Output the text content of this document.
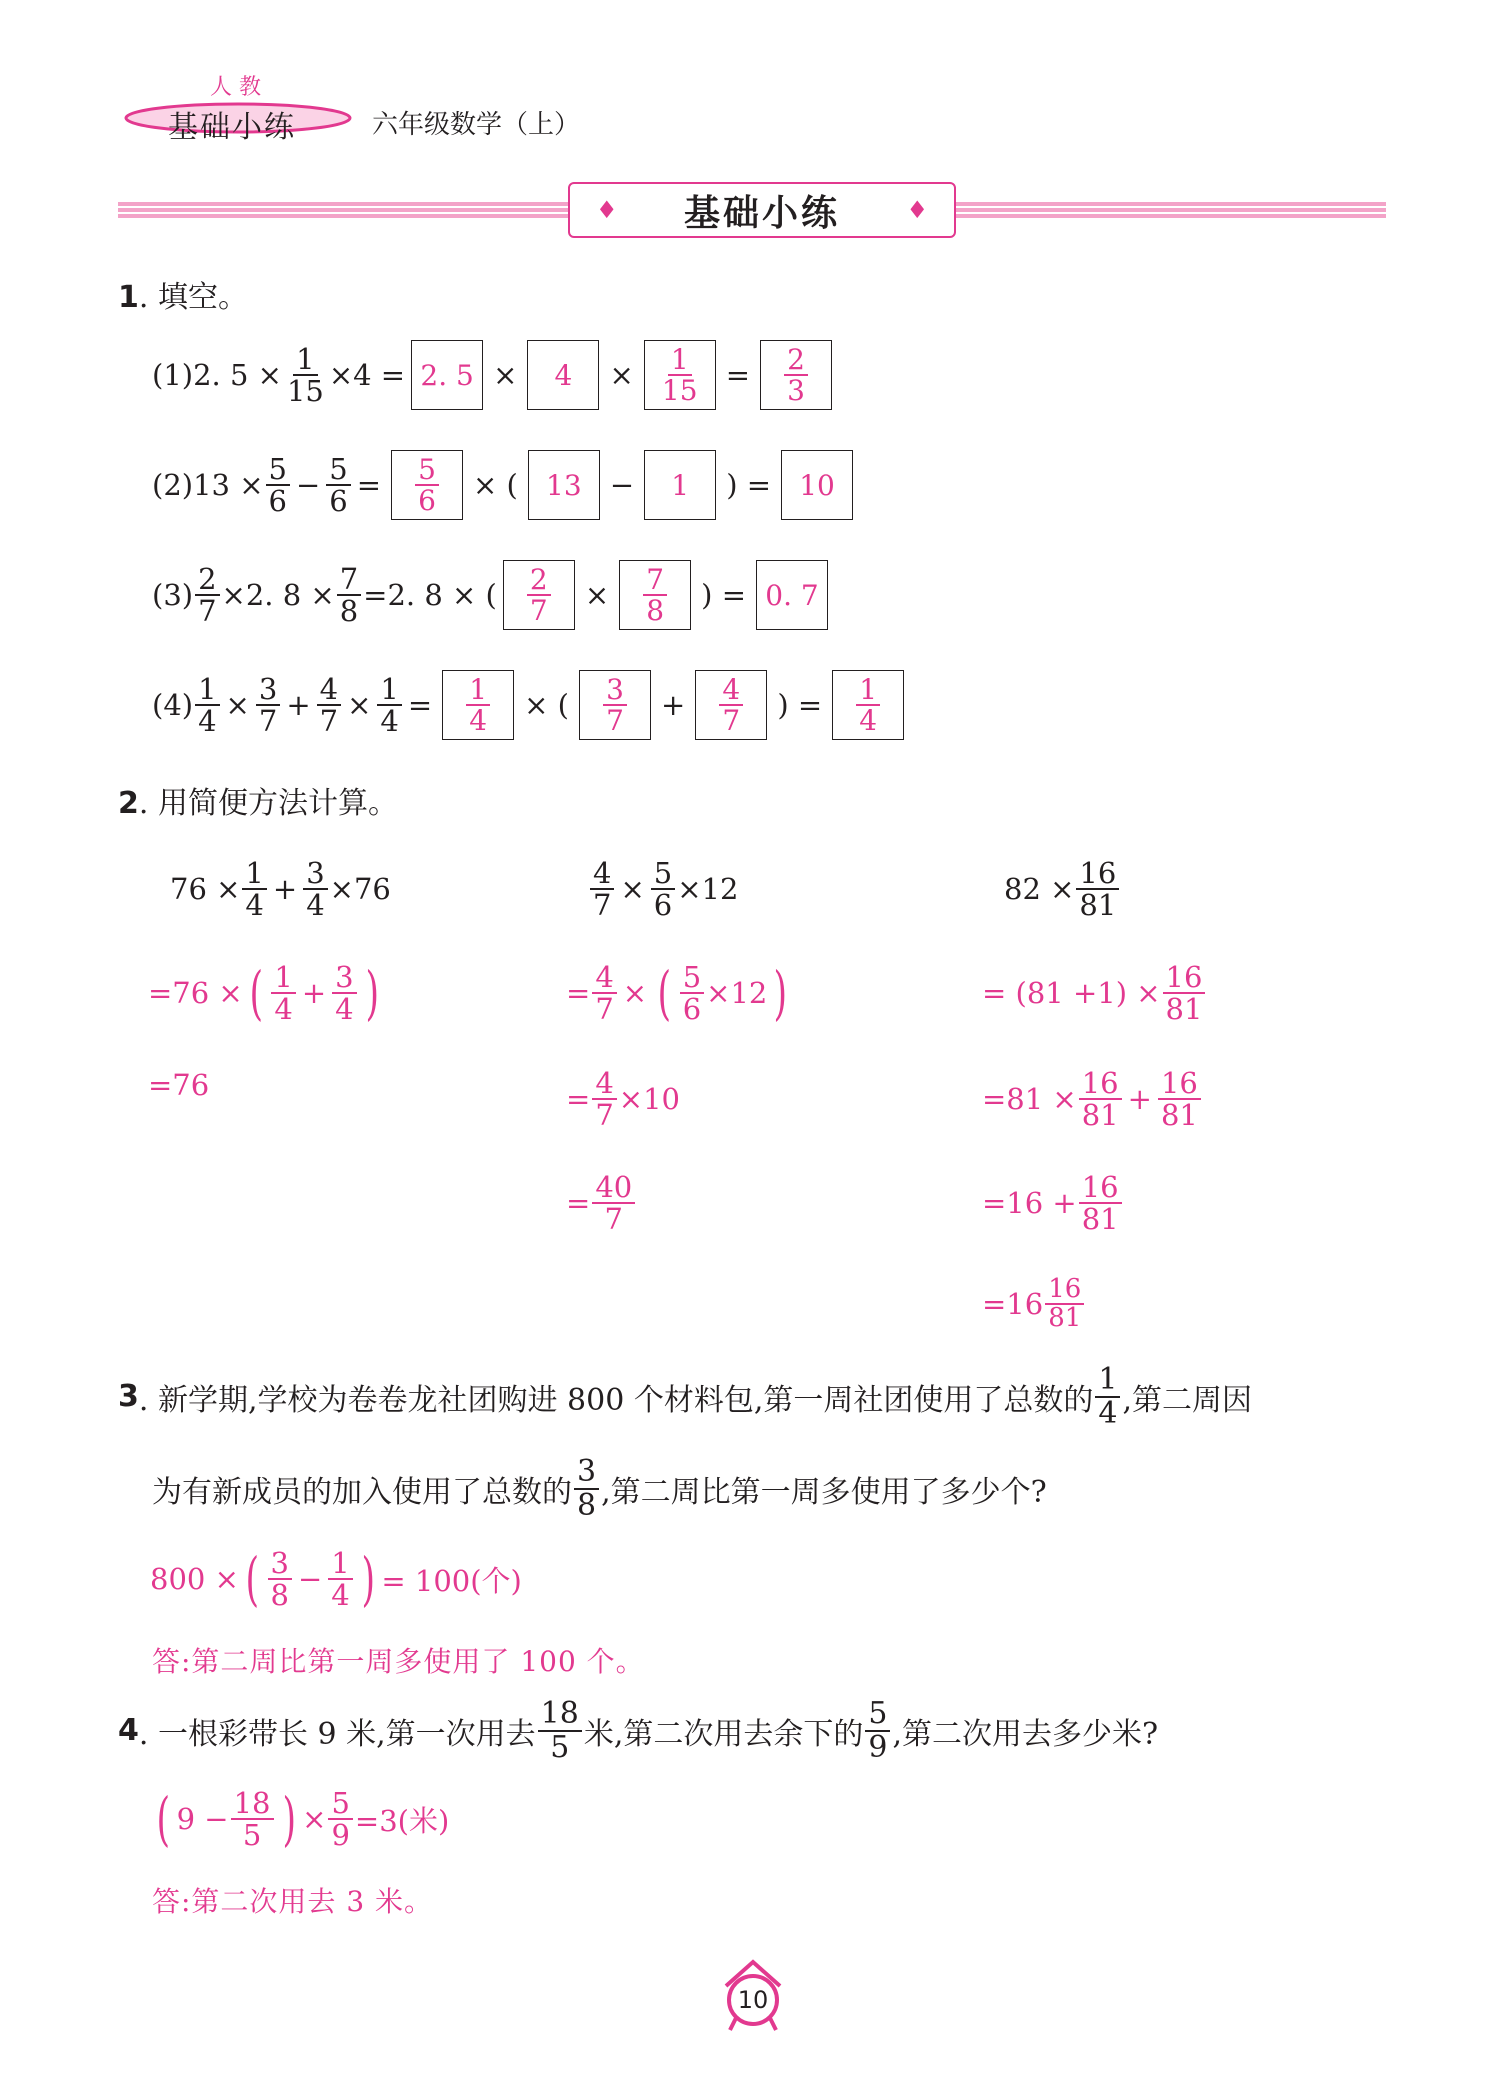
人 教
基础小练	六年级数学（上）
♦ 基础小练	♦
1. 填空。
(1)2. $5 \times \frac{1}{15} \times 4 = 2$. 5 ×	4	× $\frac{1}{15} = \frac{2}{3}$
$(2)13 \times \frac{5}{6} - \frac{5}{6} = \frac{5}{6}$ × (	13 −	1	) =	10
$(3) \frac{2}{7} \times 2$. $8 \times \frac{7}{8} =2$. 8 × ( $\frac{2}{7} \times \frac{7}{8}$ ) = 0. 7
$(4) \frac{1}{4} \times \frac{3}{7} + \frac{4}{7} \times \frac{1}{4} = \frac{1}{4}$ × ( $\frac{3}{7} + \frac{4}{7}$ ) = $\frac{1}{4}$
2. 用简便方法计算。
$76 \times \frac{1}{4} + \frac{3}{4} \times 76$
=76 × ( $\frac{1}{4} + \frac{3}{4}$ )
=76
$\frac{4}{7} \times \frac{5}{6} \times 12$
= $\frac{4}{7}$ × ( $\frac{5}{6} \times 12$ )
= $\frac{4}{7} \times 10$
= $\frac{40}{7}$
$82 \times \frac{16}{81}$
= $(81 +1) \times \frac{16}{81}$
$=81 \times \frac{16}{81} + \frac{16}{81}$
$=16 + \frac{16}{81}$
$=16 \frac{16}{81}$
3 . 新学期,学校为卷卷龙社团购进 800 个材料包,第一周社团使用了总数的 $\frac{1}{4}$ ,第二周因
为有新成员的加入使用了总数的 $\frac{3}{8}$ ,第二周比第一周多使用了多少个?
800 × ( $\frac{3}{8} - \frac{1}{4}$ ) = 100(个)
答:第二周比第一周多使用了 100 个。
4 . 一根彩带长 9 米,第一次用去 $\frac{18}{5}$ 米,第二次用去余下的 $\frac{5}{9}$ ,第二次用去多少米?
( $9 - \frac{18}{5}$ ) × $\frac{5}{9} =3$(米)
答:第二次用去 3 米。
10
